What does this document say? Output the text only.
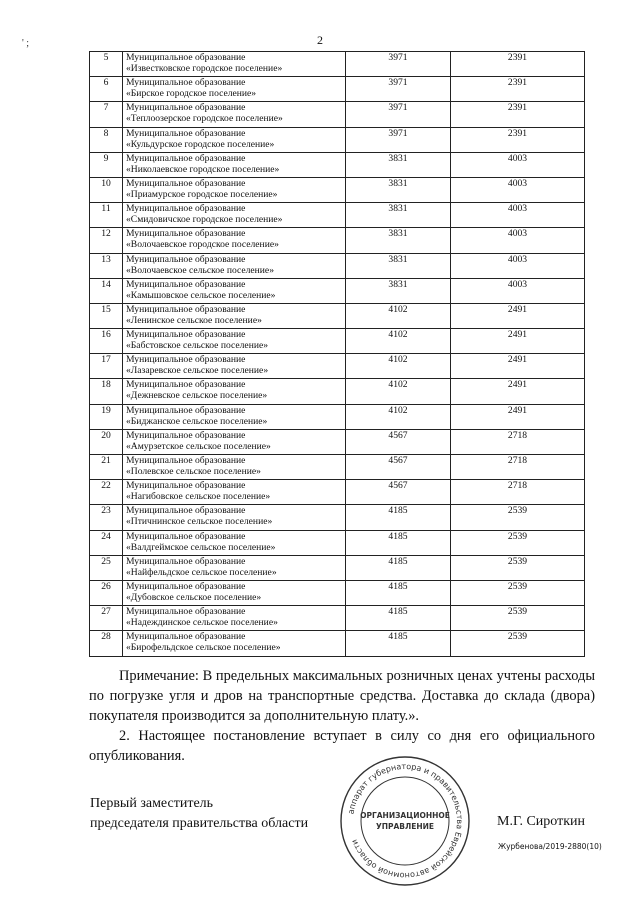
' ;	2
5	Муниципальное образование
«Известковское городское поселение»	3971	2391
6	Муниципальное образование
«Бирское городское поселение»	3971	2391
7	Муниципальное образование
«Теплоозерское городское поселение»	3971	2391
8	Муниципальное образование
«Кульдурское городское поселение»	3971	2391
9	Муниципальное образование
«Николаевское городское поселение»	3831	4003
10	Муниципальное образование
«Приамурское городское поселение»	3831	4003
11	Муниципальное образование
«Смидовичское городское поселение»	3831	4003
12	Муниципальное образование
«Волочаевское городское поселение»	3831	4003
13	Муниципальное образование
«Волочаевское сельское поселение»	3831	4003
14	Муниципальное образование
«Камышовское сельское поселение»	3831	4003
15	Муниципальное образование
«Ленинское сельское поселение»	4102	2491
16	Муниципальное образование
«Бабстовское сельское поселение»	4102	2491
17	Муниципальное образование
«Лазаревское сельское поселение»	4102	2491
18	Муниципальное образование
«Дежневское сельское поселение»	4102	2491
19	Муниципальное образование
«Биджанское сельское поселение»	4102	2491
20	Муниципальное образование
«Амурзетское сельское поселение»	4567	2718
21	Муниципальное образование
«Полевское сельское поселение»	4567	2718
22	Муниципальное образование
«Нагибовское сельское поселение»	4567	2718
23	Муниципальное образование
«Птичнинское сельское поселение»	4185	2539
24	Муниципальное образование
«Валдгеймское сельское поселение»	4185	2539
25	Муниципальное образование
«Найфельдское сельское поселение»	4185	2539
26	Муниципальное образование
«Дубовское сельское поселение»	4185	2539
27	Муниципальное образование
«Надеждинское сельское поселение»	4185	2539
28	Муниципальное образование
«Бирофельдское сельское поселение»	4185	2539

Примечание: В предельных максимальных розничных ценах учтены расходы по погрузке угля и дров на транспортные средства. Доставка до склада (двора) покупателя производится за дополнительную плату.».

2. Настоящее постановление вступает в силу со дня его официального опубликования.

Первый заместитель
председателя правительства области
аппарат губернатора и правительства Еврейской автономной области
ОРГАНИЗАЦИОННОЕ
УПРАВЛЕНИЕ	М.Г. Сироткин
Журбенова/2019-2880(10)
